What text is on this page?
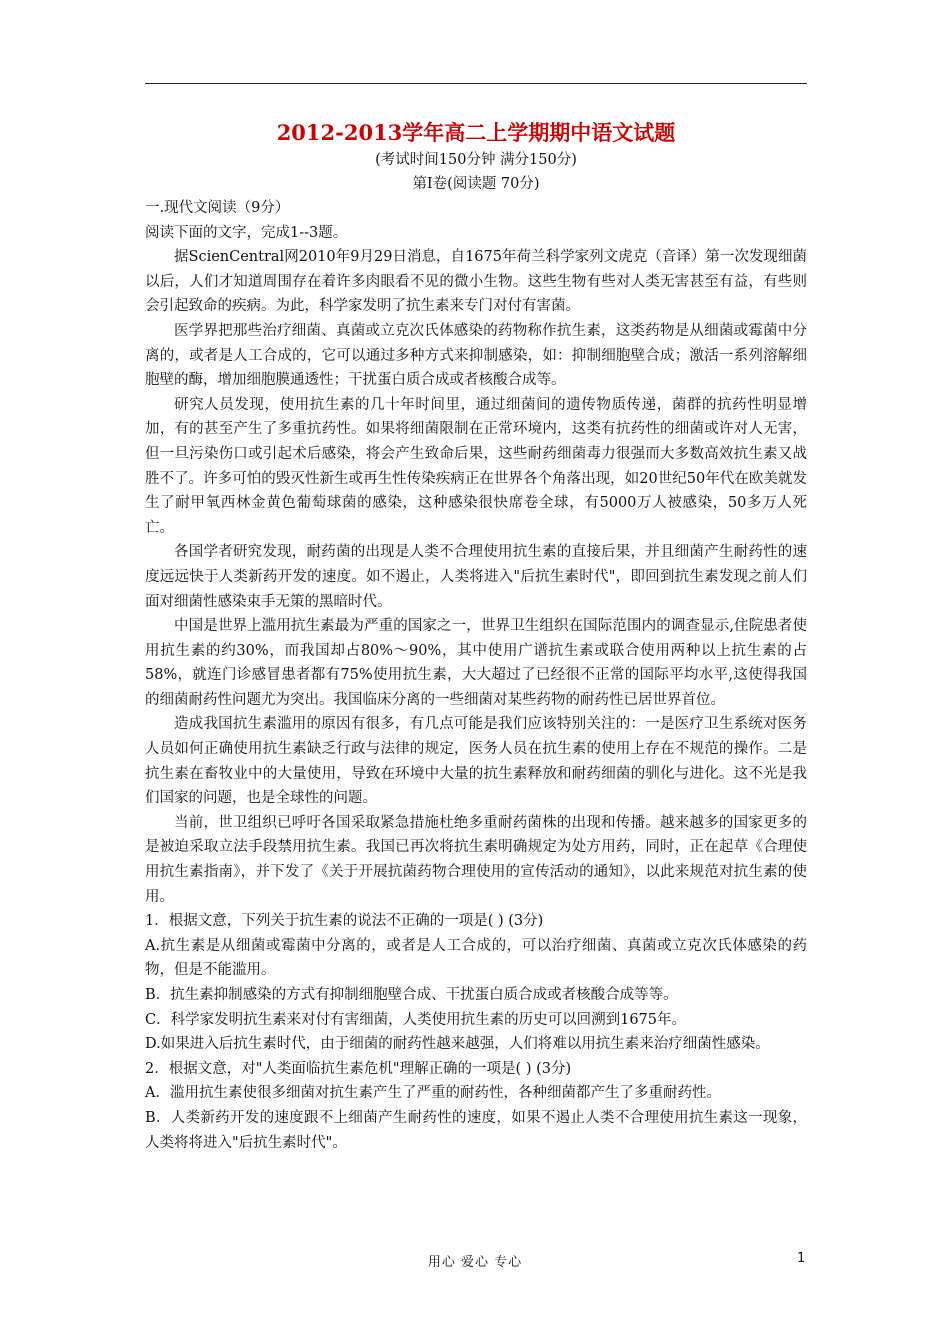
2012-2013学年高二上学期期中语文试题

(考试时间150分钟 满分150分)

第Ⅰ卷(阅读题 70分)

一.现代文阅读（9分）

阅读下面的文字，完成1--3题。

据ScienCentral网2010年9月29日消息，自1675年荷兰科学家列文虎克（音译）第一次发现细菌以后，人们才知道周围存在着许多肉眼看不见的微小生物。这些生物有些对人类无害甚至有益，有些则会引起致命的疾病。为此，科学家发明了抗生素来专门对付有害菌。

医学界把那些治疗细菌、真菌或立克次氏体感染的药物称作抗生素，这类药物是从细菌或霉菌中分离的，或者是人工合成的，它可以通过多种方式来抑制感染，如：抑制细胞壁合成；激活一系列溶解细胞壁的酶，增加细胞膜通透性；干扰蛋白质合成或者核酸合成等。

研究人员发现，使用抗生素的几十年时间里，通过细菌间的遗传物质传递，菌群的抗药性明显增加，有的甚至产生了多重抗药性。如果将细菌限制在正常环境内，这类有抗药性的细菌或许对人无害，但一旦污染伤口或引起术后感染，将会产生致命后果，这些耐药细菌毒力很强而大多数高效抗生素又战胜不了。许多可怕的毁灭性新生或再生性传染疾病正在世界各个角落出现，如20世纪50年代在欧美就发生了耐甲氧西林金黄色葡萄球菌的感染，这种感染很快席卷全球，有5000万人被感染，50多万人死亡。

各国学者研究发现，耐药菌的出现是人类不合理使用抗生素的直接后果，并且细菌产生耐药性的速度远远快于人类新药开发的速度。如不遏止，人类将进入"后抗生素时代"，即回到抗生素发现之前人们面对细菌性感染束手无策的黑暗时代。

中国是世界上滥用抗生素最为严重的国家之一，世界卫生组织在国际范围内的调查显示,住院患者使用抗生素的约30%，而我国却占80%～90%，其中使用广谱抗生素或联合使用两种以上抗生素的占58%，就连门诊感冒患者都有75%使用抗生素，大大超过了已经很不正常的国际平均水平,这使得我国的细菌耐药性问题尤为突出。我国临床分离的一些细菌对某些药物的耐药性已居世界首位。

造成我国抗生素滥用的原因有很多，有几点可能是我们应该特别关注的：一是医疗卫生系统对医务人员如何正确使用抗生素缺乏行政与法律的规定，医务人员在抗生素的使用上存在不规范的操作。二是抗生素在畜牧业中的大量使用，导致在环境中大量的抗生素释放和耐药细菌的驯化与进化。这不光是我们国家的问题，也是全球性的问题。

当前，世卫组织已呼吁各国采取紧急措施杜绝多重耐药菌株的出现和传播。越来越多的国家更多的是被迫采取立法手段禁用抗生素。我国已再次将抗生素明确规定为处方用药，同时，正在起草《合理使用抗生素指南》，并下发了《关于开展抗菌药物合理使用的宣传活动的通知》，以此来规范对抗生素的使用。

1．根据文意，下列关于抗生素的说法不正确的一项是( ) (3分)

A.抗生素是从细菌或霉菌中分离的，或者是人工合成的，可以治疗细菌、真菌或立克次氏体感染的药物，但是不能滥用。

B．抗生素抑制感染的方式有抑制细胞壁合成、干扰蛋白质合成或者核酸合成等等。

C．科学家发明抗生素来对付有害细菌，人类使用抗生素的历史可以回溯到1675年。

D.如果进入后抗生素时代，由于细菌的耐药性越来越强，人们将难以用抗生素来治疗细菌性感染。

2．根据文意，对"人类面临抗生素危机"理解正确的一项是( ) (3分)

A．滥用抗生素使很多细菌对抗生素产生了严重的耐药性，各种细菌都产生了多重耐药性。

B．人类新药开发的速度跟不上细菌产生耐药性的速度，如果不遏止人类不合理使用抗生素这一现象，人类将将进入"后抗生素时代"。

用心 爱心 专心	1
